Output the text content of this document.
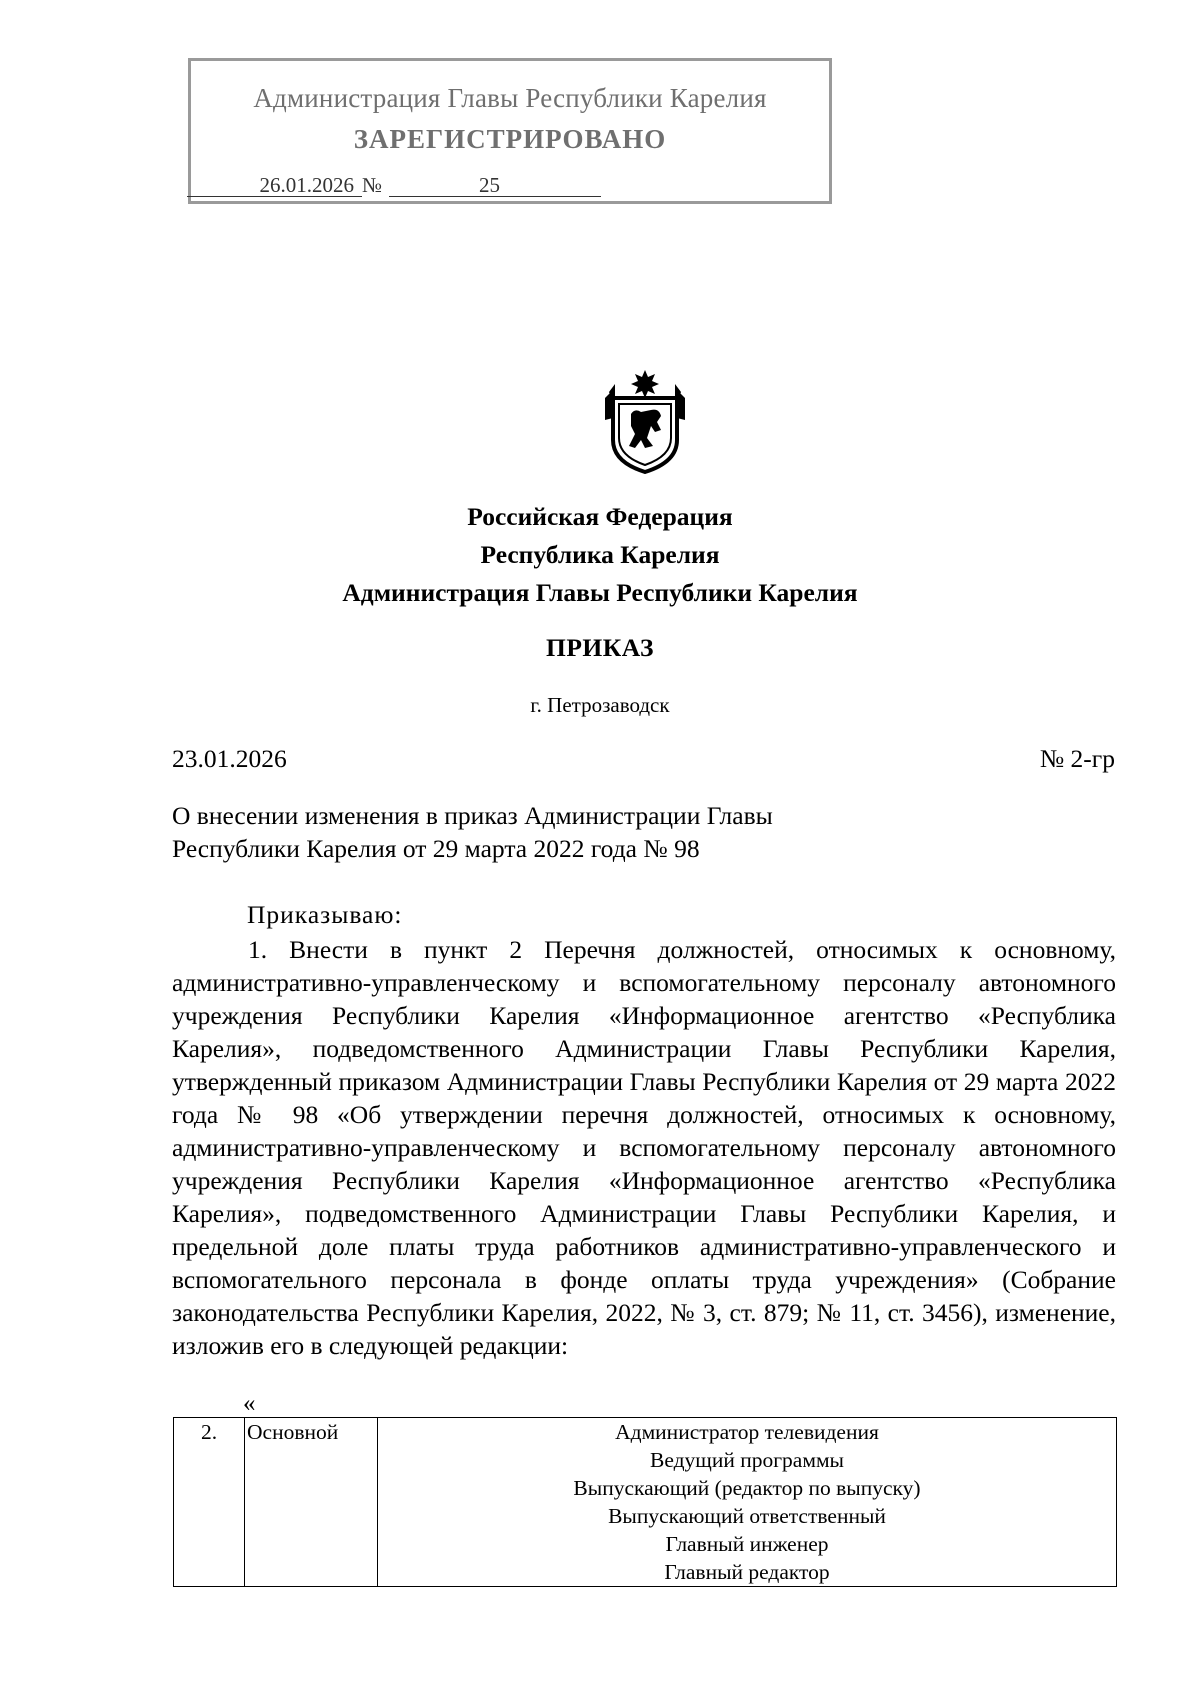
Администрация Главы Республики Карелия
ЗАРЕГИСТРИРОВАНО
26.01.2026 №	25
Российская Федерация
Республика Карелия
Администрация Главы Республики Карелия
ПРИКАЗ
г. Петрозаводск
23.01.2026	№ 2-гр
О внесении изменения в приказ Администрации Главы
Республики Карелия от 29 марта 2022 года № 98
Приказываю:
1. Внести в пункт 2 Перечня должностей, относимых к основному, административно-управленческому и вспомогательному персоналу автономного учреждения Республики Карелия «Информационное агентство «Республика Карелия», подведомственного Администрации Главы Республики Карелия, утвержденный приказом Администрации Главы Республики Карелия от 29 марта 2022 года № 98 «Об утверждении перечня должностей, относимых к основному, административно-управленческому и вспомогательному персоналу автономного учреждения Республики Карелия «Информационное агентство «Республика Карелия», подведомственного Администрации Главы Республики Карелия, и предельной доле платы труда работников административно-управленческого и вспомогательного персонала в фонде оплаты труда учреждения» (Собрание законодательства Республики Карелия, 2022, № 3, ст. 879; № 11, ст. 3456), изменение, изложив его в следующей редакции:
«
2.	Основной	Администратор телевидения
Ведущий программы
Выпускающий (редактор по выпуску)
Выпускающий ответственный
Главный инженер
Главный редактор
